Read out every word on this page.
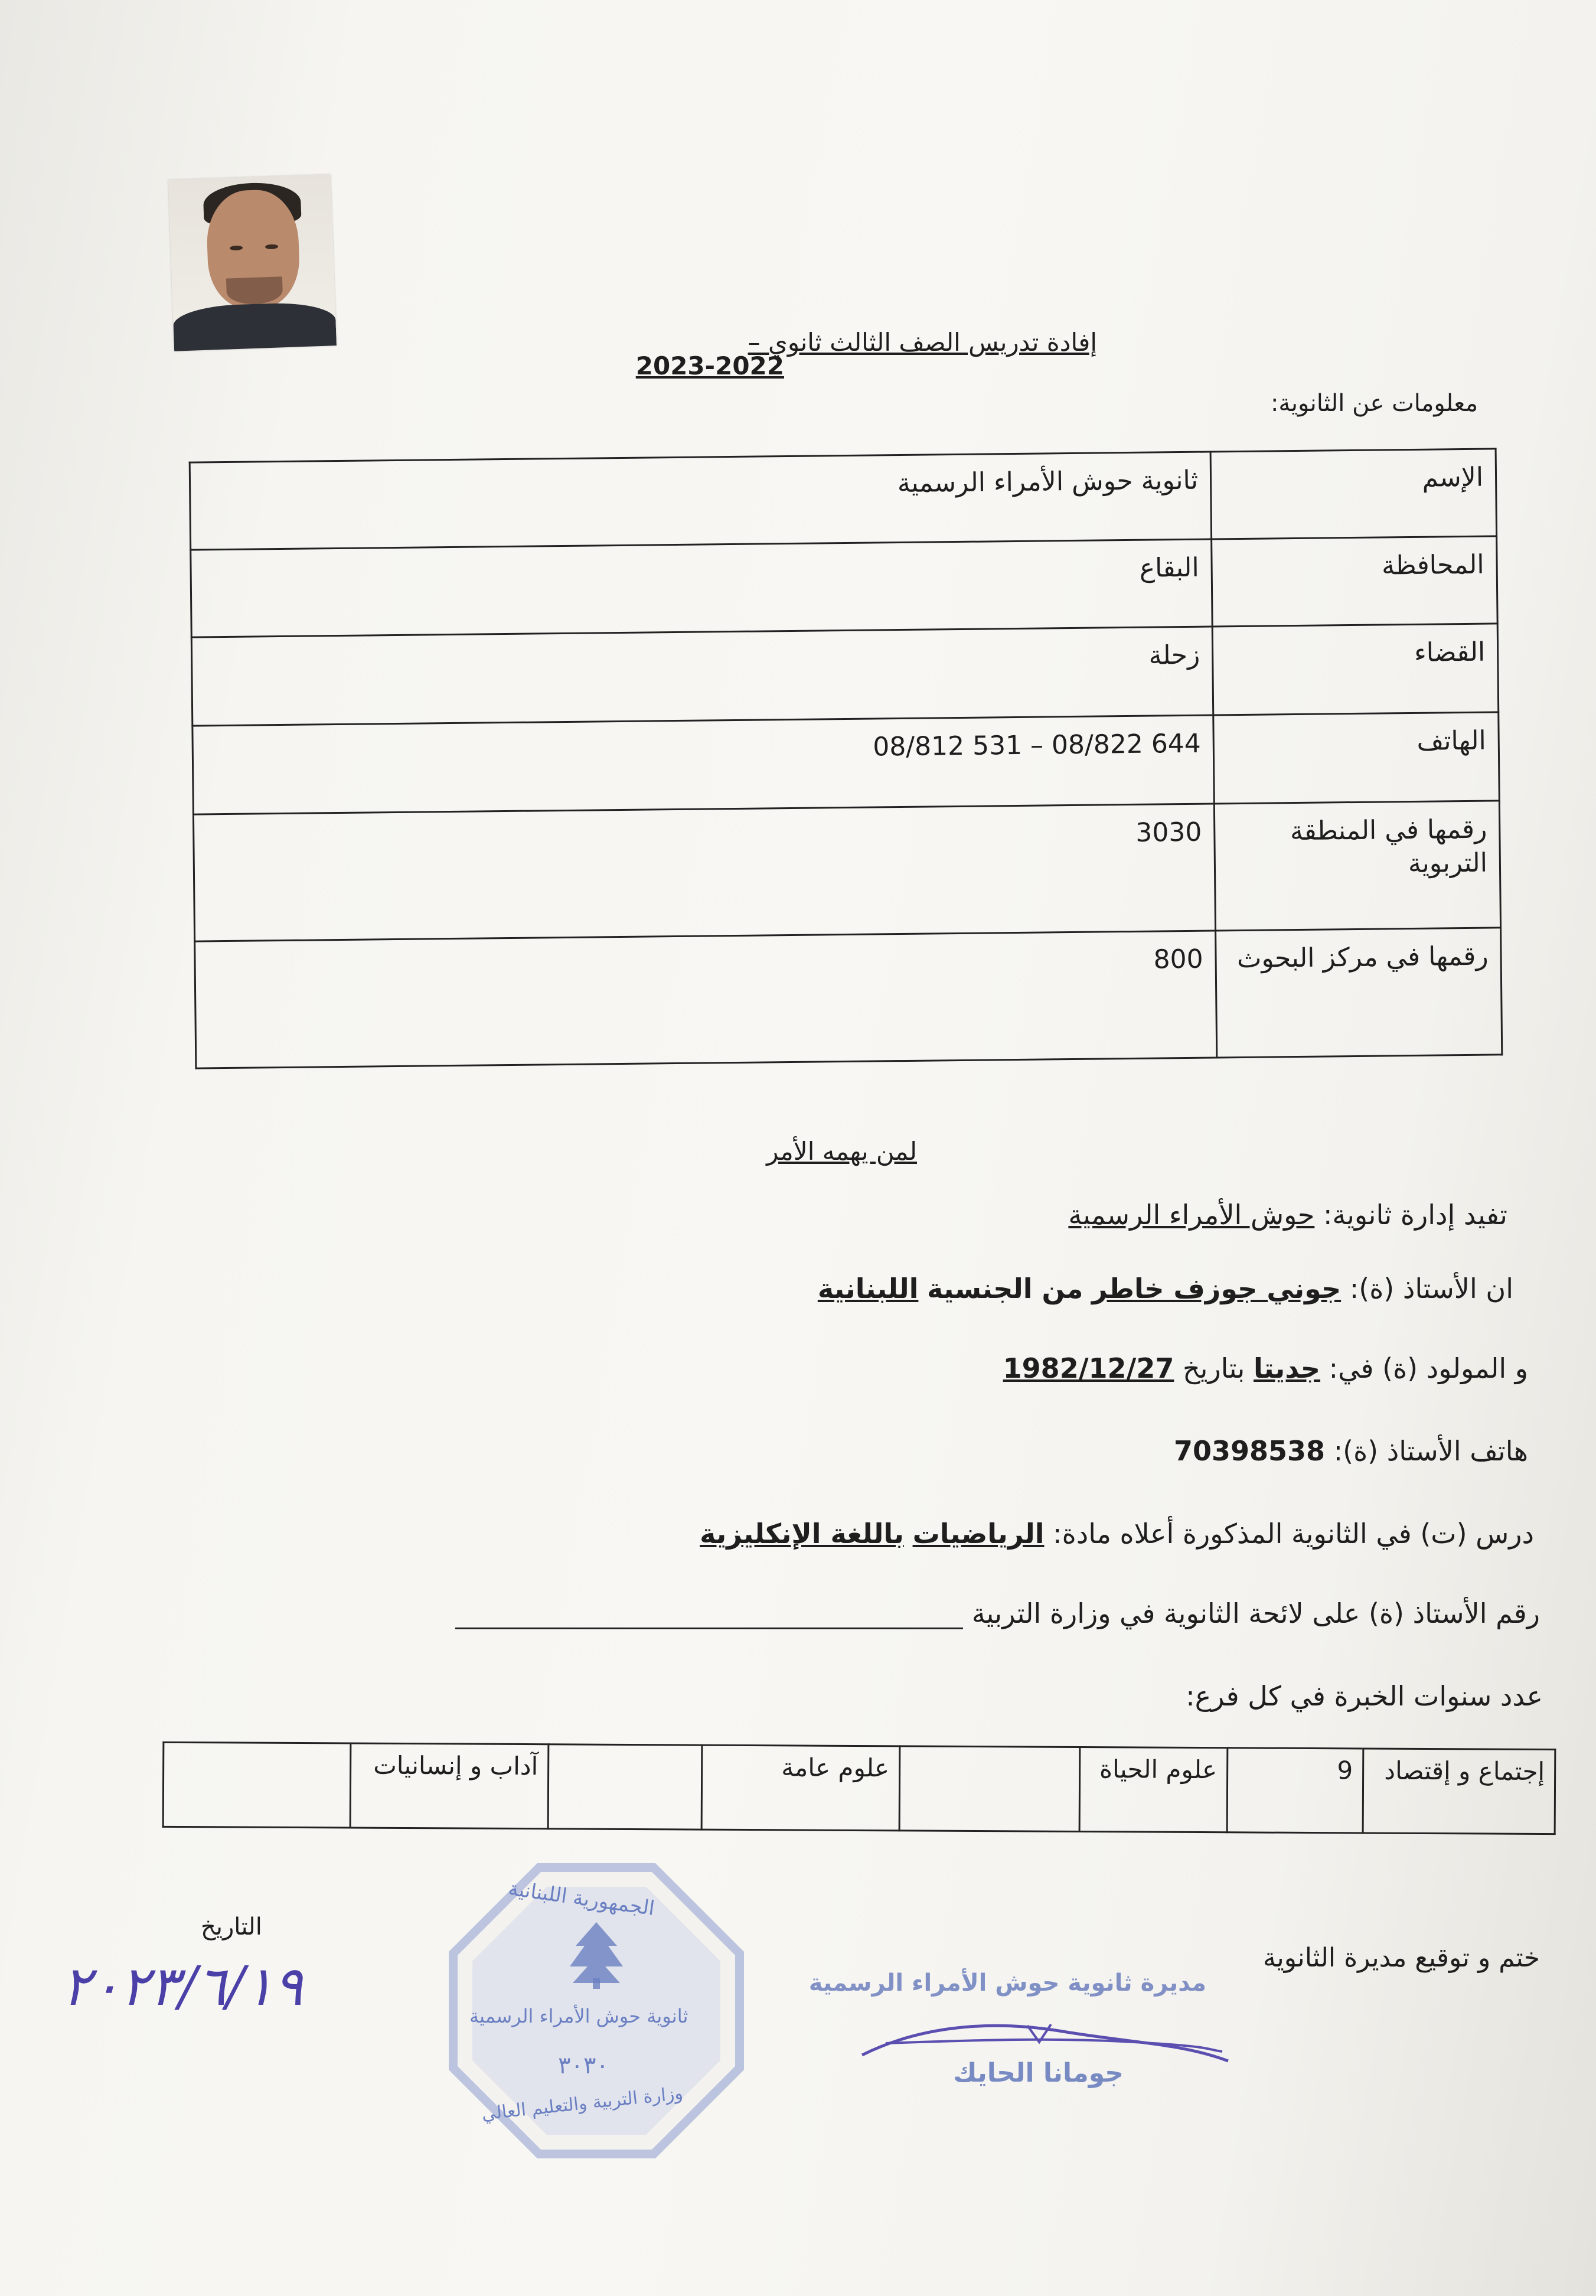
إفادة تدريس الصف الثالث ثانوي –
2023-2022
معلومات عن الثانوية:
الإسم	ثانوية حوش الأمراء الرسمية
المحافظة	البقاع
القضاء	زحلة
الهاتف	08/812 531 – 08/822 644
رقمها في المنطقة التربوية	3030
رقمها في مركز البحوث	800
لمن يهمه الأمر
تفيد إدارة ثانوية: حوش الأمراء الرسمية
ان الأستاذ (ة): جوني جوزف خاطر من الجنسية اللبنانية
و المولود (ة) في: جديتا بتاريخ 1982/12/27
هاتف الأستاذ (ة): 70398538
درس (ت) في الثانوية المذكورة أعلاه مادة: الرياضيات باللغة الإنكليزية
رقم الأستاذ (ة) على لائحة الثانوية في وزارة التربية
عدد سنوات الخبرة في كل فرع:
إجتماع و إقتصاد	9	علوم الحياة		علوم عامة		آداب و إنسانيات	
التاريخ
٢٠٢٣/٦/١٩	ختم و توقيع مديرة الثانوية
مديرة ثانوية حوش الأمراء الرسمية
جومانا الحايك
الجمهورية اللبنانية
ثانوية حوش الأمراء الرسمية
٣٠٣٠
وزارة التربية والتعليم العالي
